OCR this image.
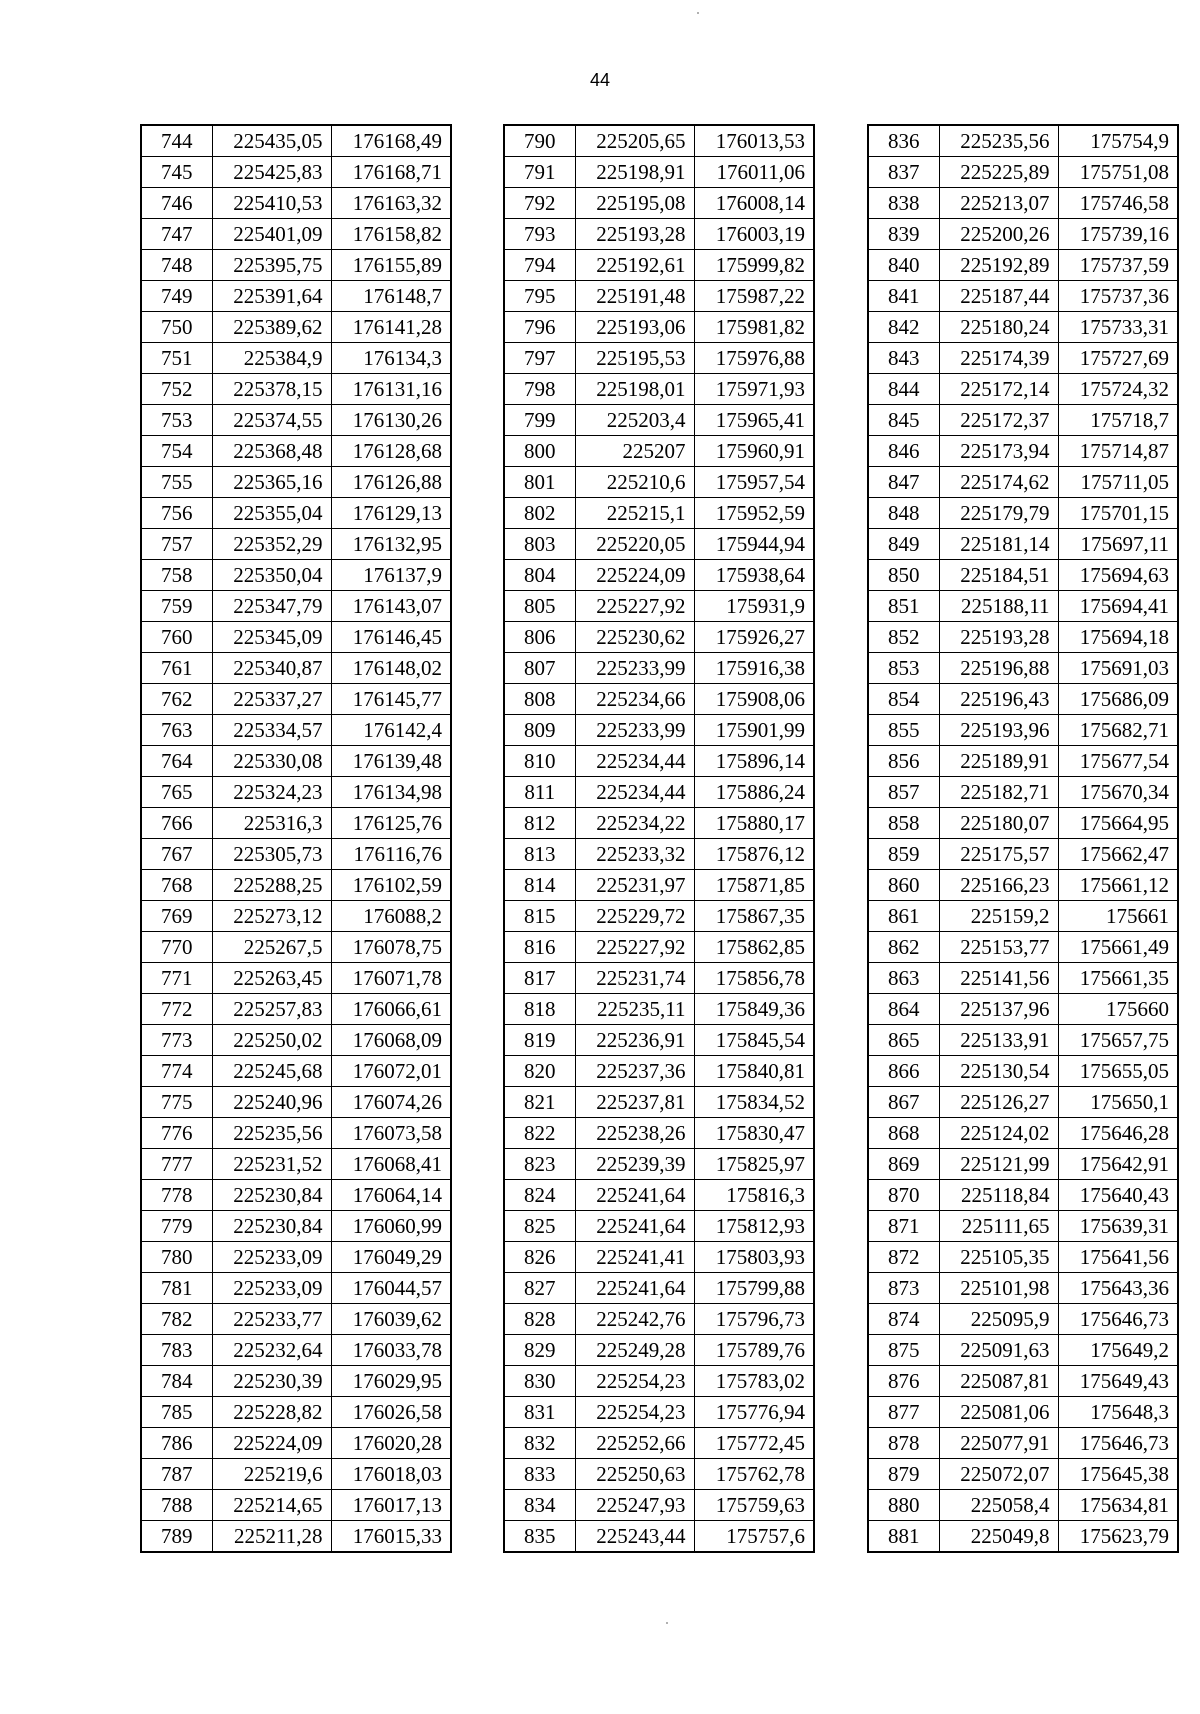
44
744	225435,05	176168,49
745	225425,83	176168,71
746	225410,53	176163,32
747	225401,09	176158,82
748	225395,75	176155,89
749	225391,64	176148,7
750	225389,62	176141,28
751	225384,9	176134,3
752	225378,15	176131,16
753	225374,55	176130,26
754	225368,48	176128,68
755	225365,16	176126,88
756	225355,04	176129,13
757	225352,29	176132,95
758	225350,04	176137,9
759	225347,79	176143,07
760	225345,09	176146,45
761	225340,87	176148,02
762	225337,27	176145,77
763	225334,57	176142,4
764	225330,08	176139,48
765	225324,23	176134,98
766	225316,3	176125,76
767	225305,73	176116,76
768	225288,25	176102,59
769	225273,12	176088,2
770	225267,5	176078,75
771	225263,45	176071,78
772	225257,83	176066,61
773	225250,02	176068,09
774	225245,68	176072,01
775	225240,96	176074,26
776	225235,56	176073,58
777	225231,52	176068,41
778	225230,84	176064,14
779	225230,84	176060,99
780	225233,09	176049,29
781	225233,09	176044,57
782	225233,77	176039,62
783	225232,64	176033,78
784	225230,39	176029,95
785	225228,82	176026,58
786	225224,09	176020,28
787	225219,6	176018,03
788	225214,65	176017,13
789	225211,28	176015,33
790	225205,65	176013,53
791	225198,91	176011,06
792	225195,08	176008,14
793	225193,28	176003,19
794	225192,61	175999,82
795	225191,48	175987,22
796	225193,06	175981,82
797	225195,53	175976,88
798	225198,01	175971,93
799	225203,4	175965,41
800	225207	175960,91
801	225210,6	175957,54
802	225215,1	175952,59
803	225220,05	175944,94
804	225224,09	175938,64
805	225227,92	175931,9
806	225230,62	175926,27
807	225233,99	175916,38
808	225234,66	175908,06
809	225233,99	175901,99
810	225234,44	175896,14
811	225234,44	175886,24
812	225234,22	175880,17
813	225233,32	175876,12
814	225231,97	175871,85
815	225229,72	175867,35
816	225227,92	175862,85
817	225231,74	175856,78
818	225235,11	175849,36
819	225236,91	175845,54
820	225237,36	175840,81
821	225237,81	175834,52
822	225238,26	175830,47
823	225239,39	175825,97
824	225241,64	175816,3
825	225241,64	175812,93
826	225241,41	175803,93
827	225241,64	175799,88
828	225242,76	175796,73
829	225249,28	175789,76
830	225254,23	175783,02
831	225254,23	175776,94
832	225252,66	175772,45
833	225250,63	175762,78
834	225247,93	175759,63
835	225243,44	175757,6
836	225235,56	175754,9
837	225225,89	175751,08
838	225213,07	175746,58
839	225200,26	175739,16
840	225192,89	175737,59
841	225187,44	175737,36
842	225180,24	175733,31
843	225174,39	175727,69
844	225172,14	175724,32
845	225172,37	175718,7
846	225173,94	175714,87
847	225174,62	175711,05
848	225179,79	175701,15
849	225181,14	175697,11
850	225184,51	175694,63
851	225188,11	175694,41
852	225193,28	175694,18
853	225196,88	175691,03
854	225196,43	175686,09
855	225193,96	175682,71
856	225189,91	175677,54
857	225182,71	175670,34
858	225180,07	175664,95
859	225175,57	175662,47
860	225166,23	175661,12
861	225159,2	175661
862	225153,77	175661,49
863	225141,56	175661,35
864	225137,96	175660
865	225133,91	175657,75
866	225130,54	175655,05
867	225126,27	175650,1
868	225124,02	175646,28
869	225121,99	175642,91
870	225118,84	175640,43
871	225111,65	175639,31
872	225105,35	175641,56
873	225101,98	175643,36
874	225095,9	175646,73
875	225091,63	175649,2
876	225087,81	175649,43
877	225081,06	175648,3
878	225077,91	175646,73
879	225072,07	175645,38
880	225058,4	175634,81
881	225049,8	175623,79
